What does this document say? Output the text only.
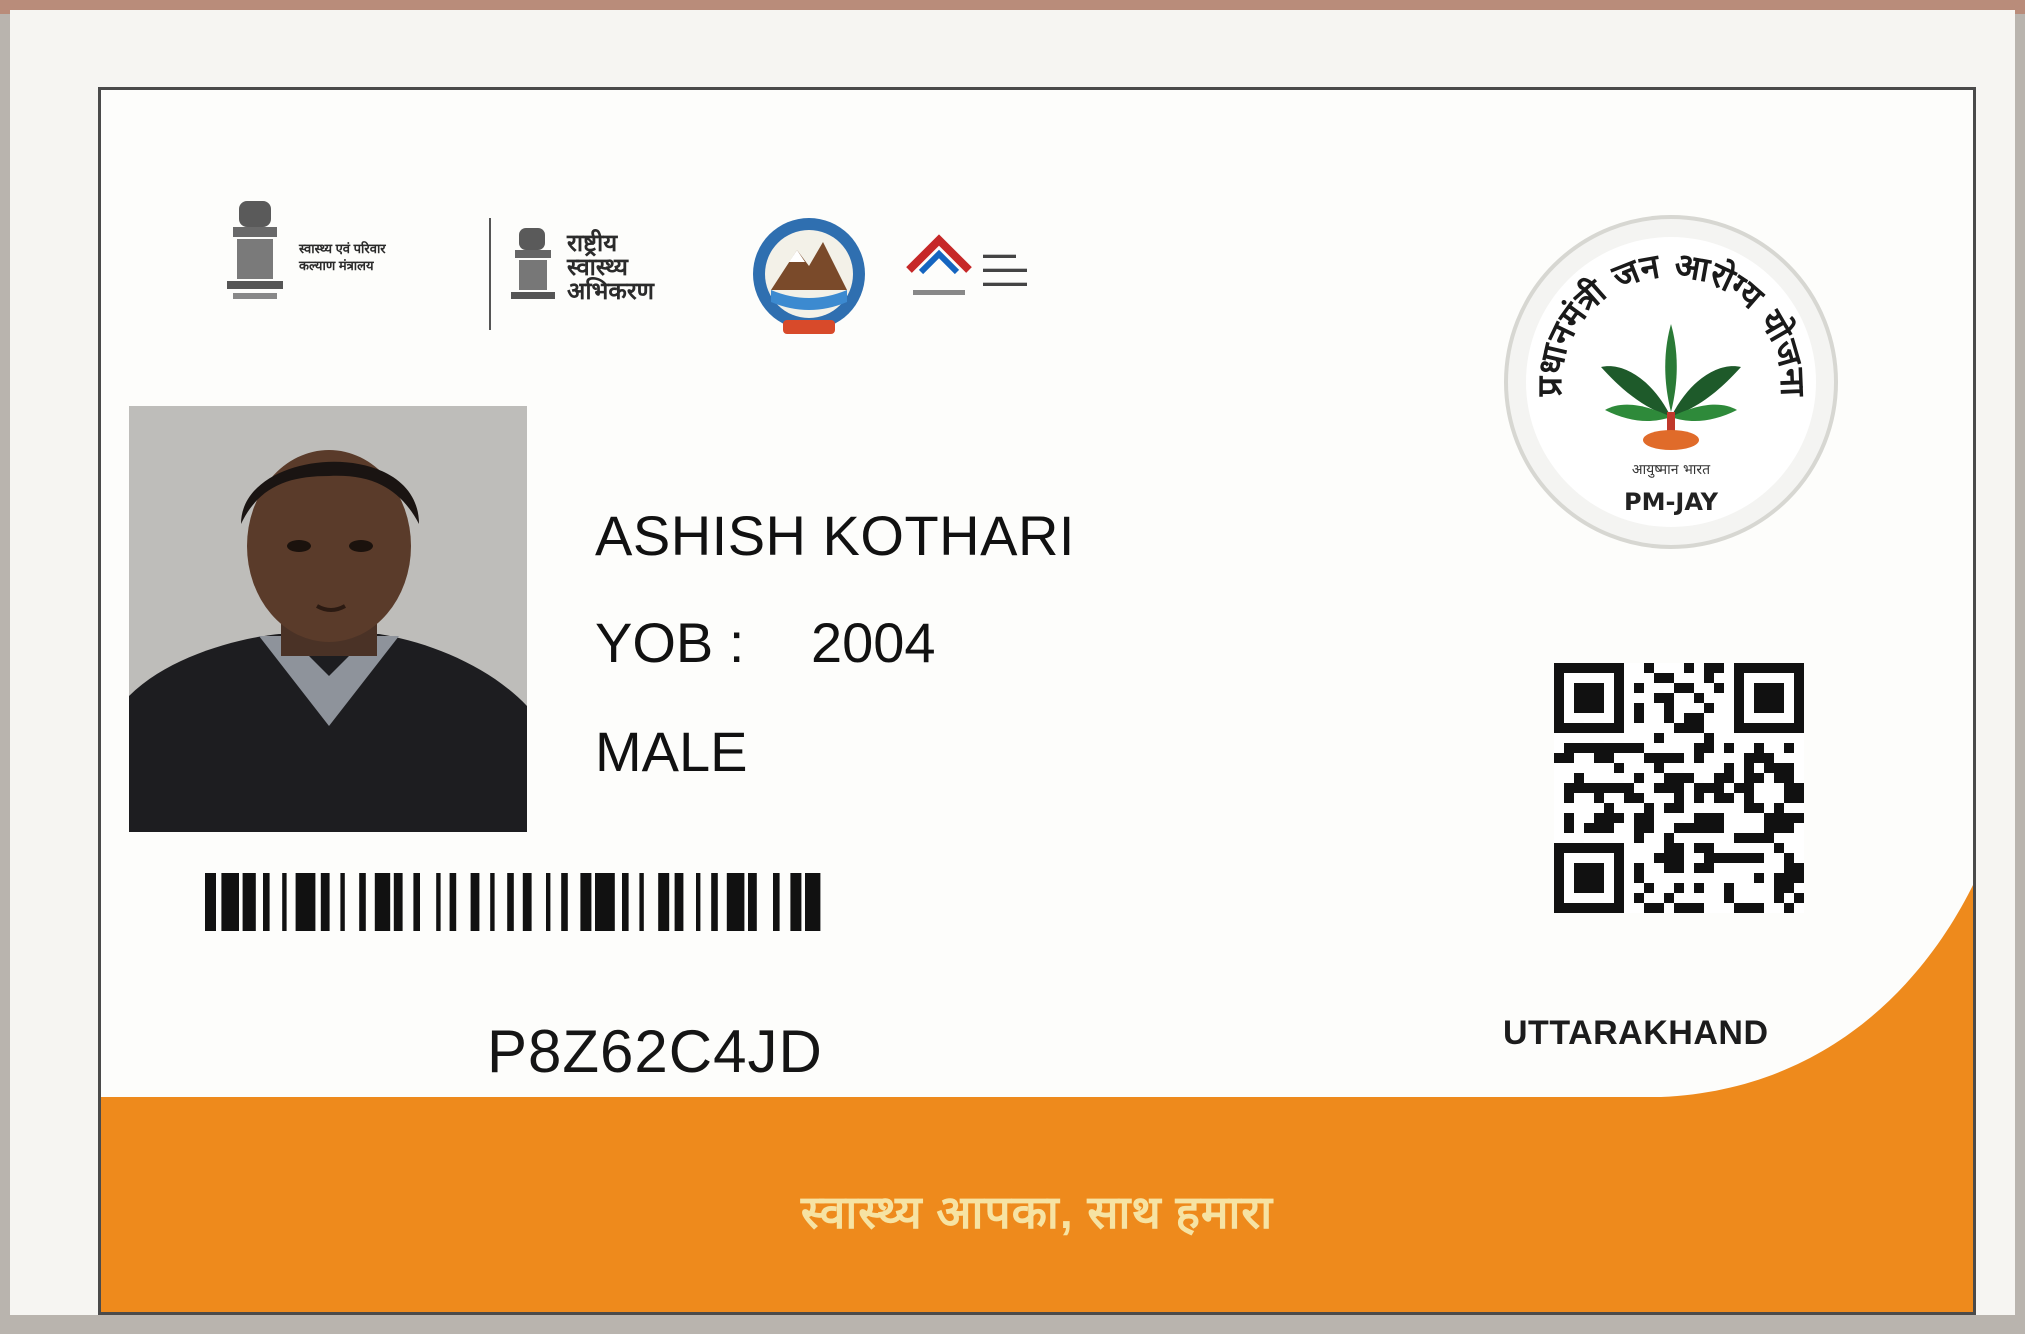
स्वास्थ्य एवं परिवार
कल्याण मंत्रालय
राष्ट्रीय
स्वास्थ्य
अभिकरण
▬▬▬
▬▬▬▬
▬▬▬▬
प्रधानमंत्री जन आरोग्य योजना
आयुष्मान भारत
PM-JAY
ASHISH KOTHARI
YOB : 2004
MALE
P8Z62C4JD	UTTARAKHAND
स्वास्थ्य आपका, साथ हमारा
